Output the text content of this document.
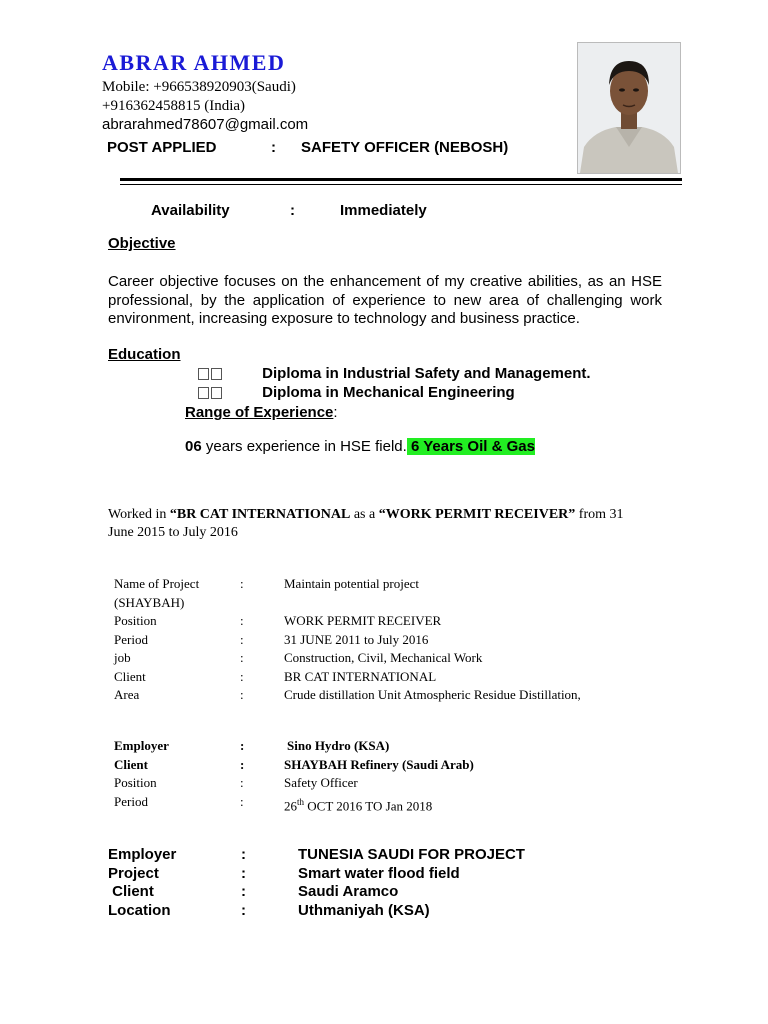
ABRAR AHMED
Mobile: +966538920903(Saudi)
+916362458815 (India)
abrarahmed78607@gmail.com
POST APPLIED	: SAFETY OFFICER (NEBOSH)
Availability	:	Immediately
Objective
Career objective focuses on the enhancement of my creative abilities, as an HSE professional, by the application of experience to new area of challenging work environment, increasing exposure to technology and business practice.
Education
Diploma in Industrial Safety and Management.
Diploma in Mechanical Engineering
Range of Experience:
06 years experience in HSE field. 6 Years Oil & Gas
Worked in “BR CAT INTERNATIONAL as a “WORK PERMIT RECEIVER” from 31
June 2015 to July 2016
Name of Project	:	Maintain potential project
(SHAYBAH)
Position	:	WORK PERMIT RECEIVER
Period	:	31 JUNE 2011 to July 2016
job	:	Construction, Civil, Mechanical Work
Client	:	BR CAT INTERNATIONAL
Area	:	Crude distillation Unit Atmospheric Residue Distillation,
Employer	:	Sino Hydro (KSA)
Client	:	SHAYBAH Refinery (Saudi Arab)
Position	:	Safety Officer
Period	:	26th OCT 2016 TO Jan 2018
Employer	:	TUNESIA SAUDI FOR PROJECT
Project	:	Smart water flood field
Client	:	Saudi Aramco
Location	:	Uthmaniyah (KSA)
